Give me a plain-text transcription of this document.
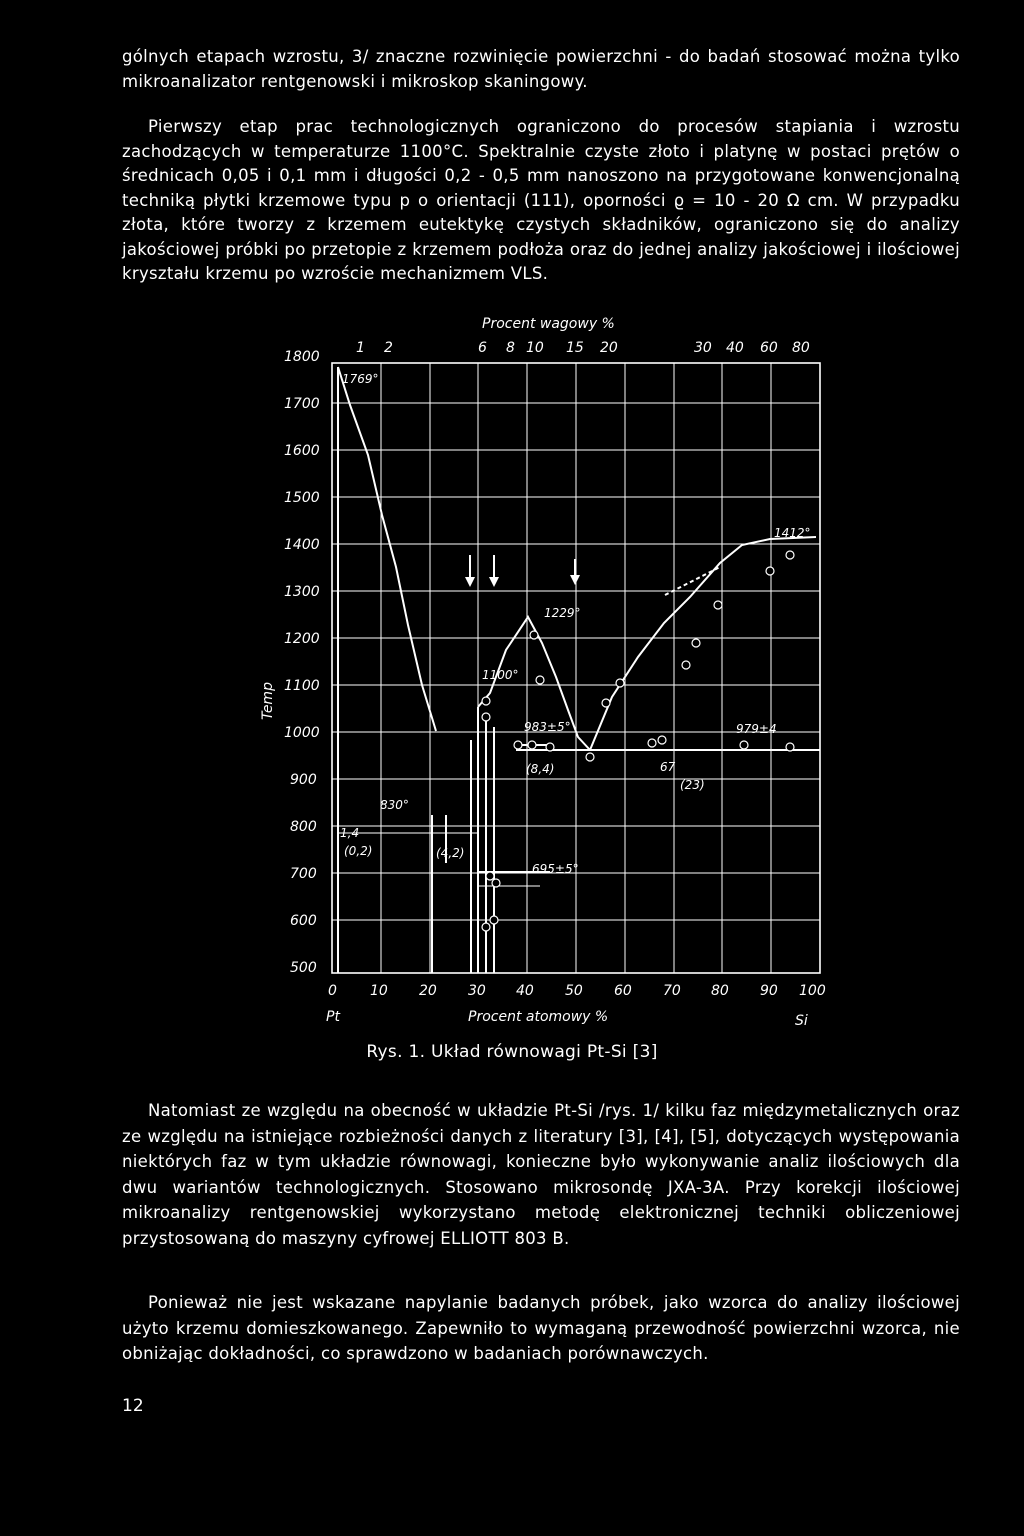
gólnych etapach wzrostu, 3/ znaczne rozwinięcie powierzchni - do badań stosować można tylko mikroanalizator rentgenowski i mikroskop skaningowy.

Pierwszy etap prac technologicznych ograniczono do procesów stapiania i wzrostu zachodzących w temperaturze 1100°C. Spektralnie czyste złoto i platynę w postaci prętów o średnicach 0,05 i 0,1 mm i długości 0,2 - 0,5 mm nanoszono na przygotowane konwencjonalną techniką płytki krzemowe typu p o orientacji (111), oporności ϱ = 10 - 20 Ω cm. W przypadku złota, które tworzy z krzemem eutektykę czystych składników, ograniczono się do analizy jakościowej próbki po przetopie z krzemem podłoża oraz do jednej analizy jakościowej i ilościowej kryształu krzemu po wzroście mechanizmem VLS.

Procent wagowy %
1 2	6 8 10 15 20	30 40 60 80
Temp
1800
1700
1600
1500
1400
1300
1200
1100
1000
900
800
700
600
500
0 10 20 30 40 50 60 70 80 90 100
Pt	Procent atomowy %	Si
1769°
1412°
1229°
1100°
983±5°	979±4
830°
695±5°
1,4
(0,2)	(4,2)
(23)
(8,4)	67
Rys. 1. Układ równowagi Pt-Si [3]

Natomiast ze względu na obecność w układzie Pt-Si /rys. 1/ kilku faz międzymetalicznych oraz ze względu na istniejące rozbieżności danych z literatury [3], [4], [5], dotyczących występowania niektórych faz w tym układzie równowagi, konieczne było wykonywanie analiz ilościowych dla dwu wariantów technologicznych. Stosowano mikrosondę JXA-3A. Przy korekcji ilościowej mikroanalizy rentgenowskiej wykorzystano metodę elektronicznej techniki obliczeniowej przystosowaną do maszyny cyfrowej ELLIOTT 803 B.

Ponieważ nie jest wskazane napylanie badanych próbek, jako wzorca do analizy ilościowej użyto krzemu domieszkowanego. Zapewniło to wymaganą przewodność powierzchni wzorca, nie obniżając dokładności, co sprawdzono w badaniach porównawczych.

12
